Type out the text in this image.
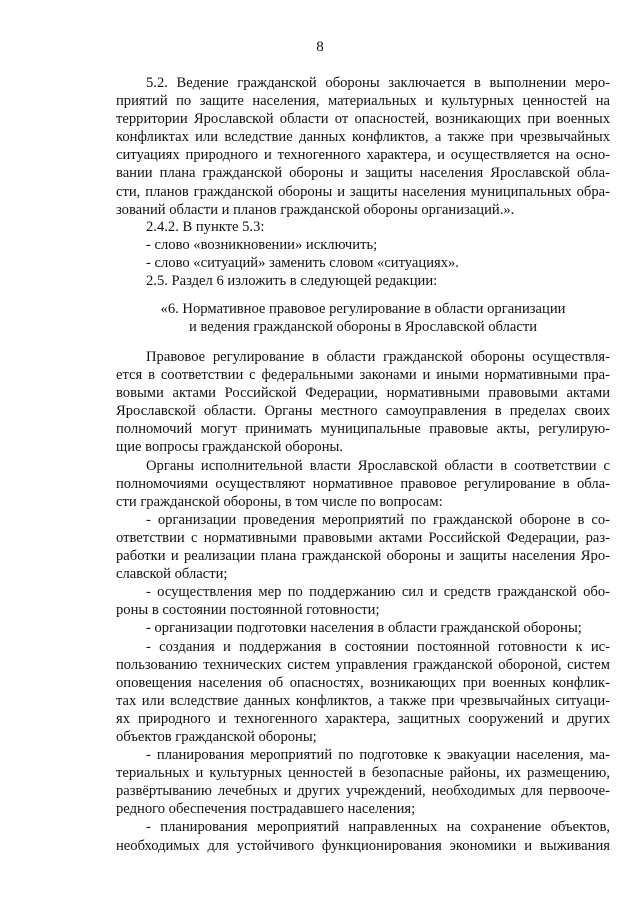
8
5.2. Ведение гражданской обороны заключается в выполнении меро-
приятий по защите населения, материальных и культурных ценностей на
территории Ярославской области от опасностей, возникающих при военных
конфликтах или вследствие данных конфликтов, а также при чрезвычайных
ситуациях природного и техногенного характера, и осуществляется на осно-
вании плана гражданской обороны и защиты населения Ярославской обла-
сти, планов гражданской обороны и защиты населения муниципальных обра-
зований области и планов гражданской обороны организаций.».
2.4.2. В пункте 5.3:
- слово «возникновении» исключить;
- слово «ситуаций» заменить словом «ситуациях».
2.5. Раздел 6 изложить в следующей редакции:
«6. Нормативное правовое регулирование в области организации
и ведения гражданской обороны в Ярославской области
Правовое регулирование в области гражданской обороны осуществля-
ется в соответствии с федеральными законами и иными нормативными пра-
вовыми актами Российской Федерации, нормативными правовыми актами
Ярославской области. Органы местного самоуправления в пределах своих
полномочий могут принимать муниципальные правовые акты, регулирую-
щие вопросы гражданской обороны.
Органы исполнительной власти Ярославской области в соответствии с
полномочиями осуществляют нормативное правовое регулирование в обла-
сти гражданской обороны, в том числе по вопросам:
- организации проведения мероприятий по гражданской обороне в со-
ответствии с нормативными правовыми актами Российской Федерации, раз-
работки и реализации плана гражданской обороны и защиты населения Яро-
славской области;
- осуществления мер по поддержанию сил и средств гражданской обо-
роны в состоянии постоянной готовности;
- организации подготовки населения в области гражданской обороны;
- создания и поддержания в состоянии постоянной готовности к ис-
пользованию технических систем управления гражданской обороной, систем
оповещения населения об опасностях, возникающих при военных конфлик-
тах или вследствие данных конфликтов, а также при чрезвычайных ситуаци-
ях природного и техногенного характера, защитных сооружений и других
объектов гражданской обороны;
- планирования мероприятий по подготовке к эвакуации населения, ма-
териальных и культурных ценностей в безопасные районы, их размещению,
развёртыванию лечебных и других учреждений, необходимых для первооче-
редного обеспечения пострадавшего населения;
- планирования мероприятий направленных на сохранение объектов,
необходимых для устойчивого функционирования экономики и выживания
